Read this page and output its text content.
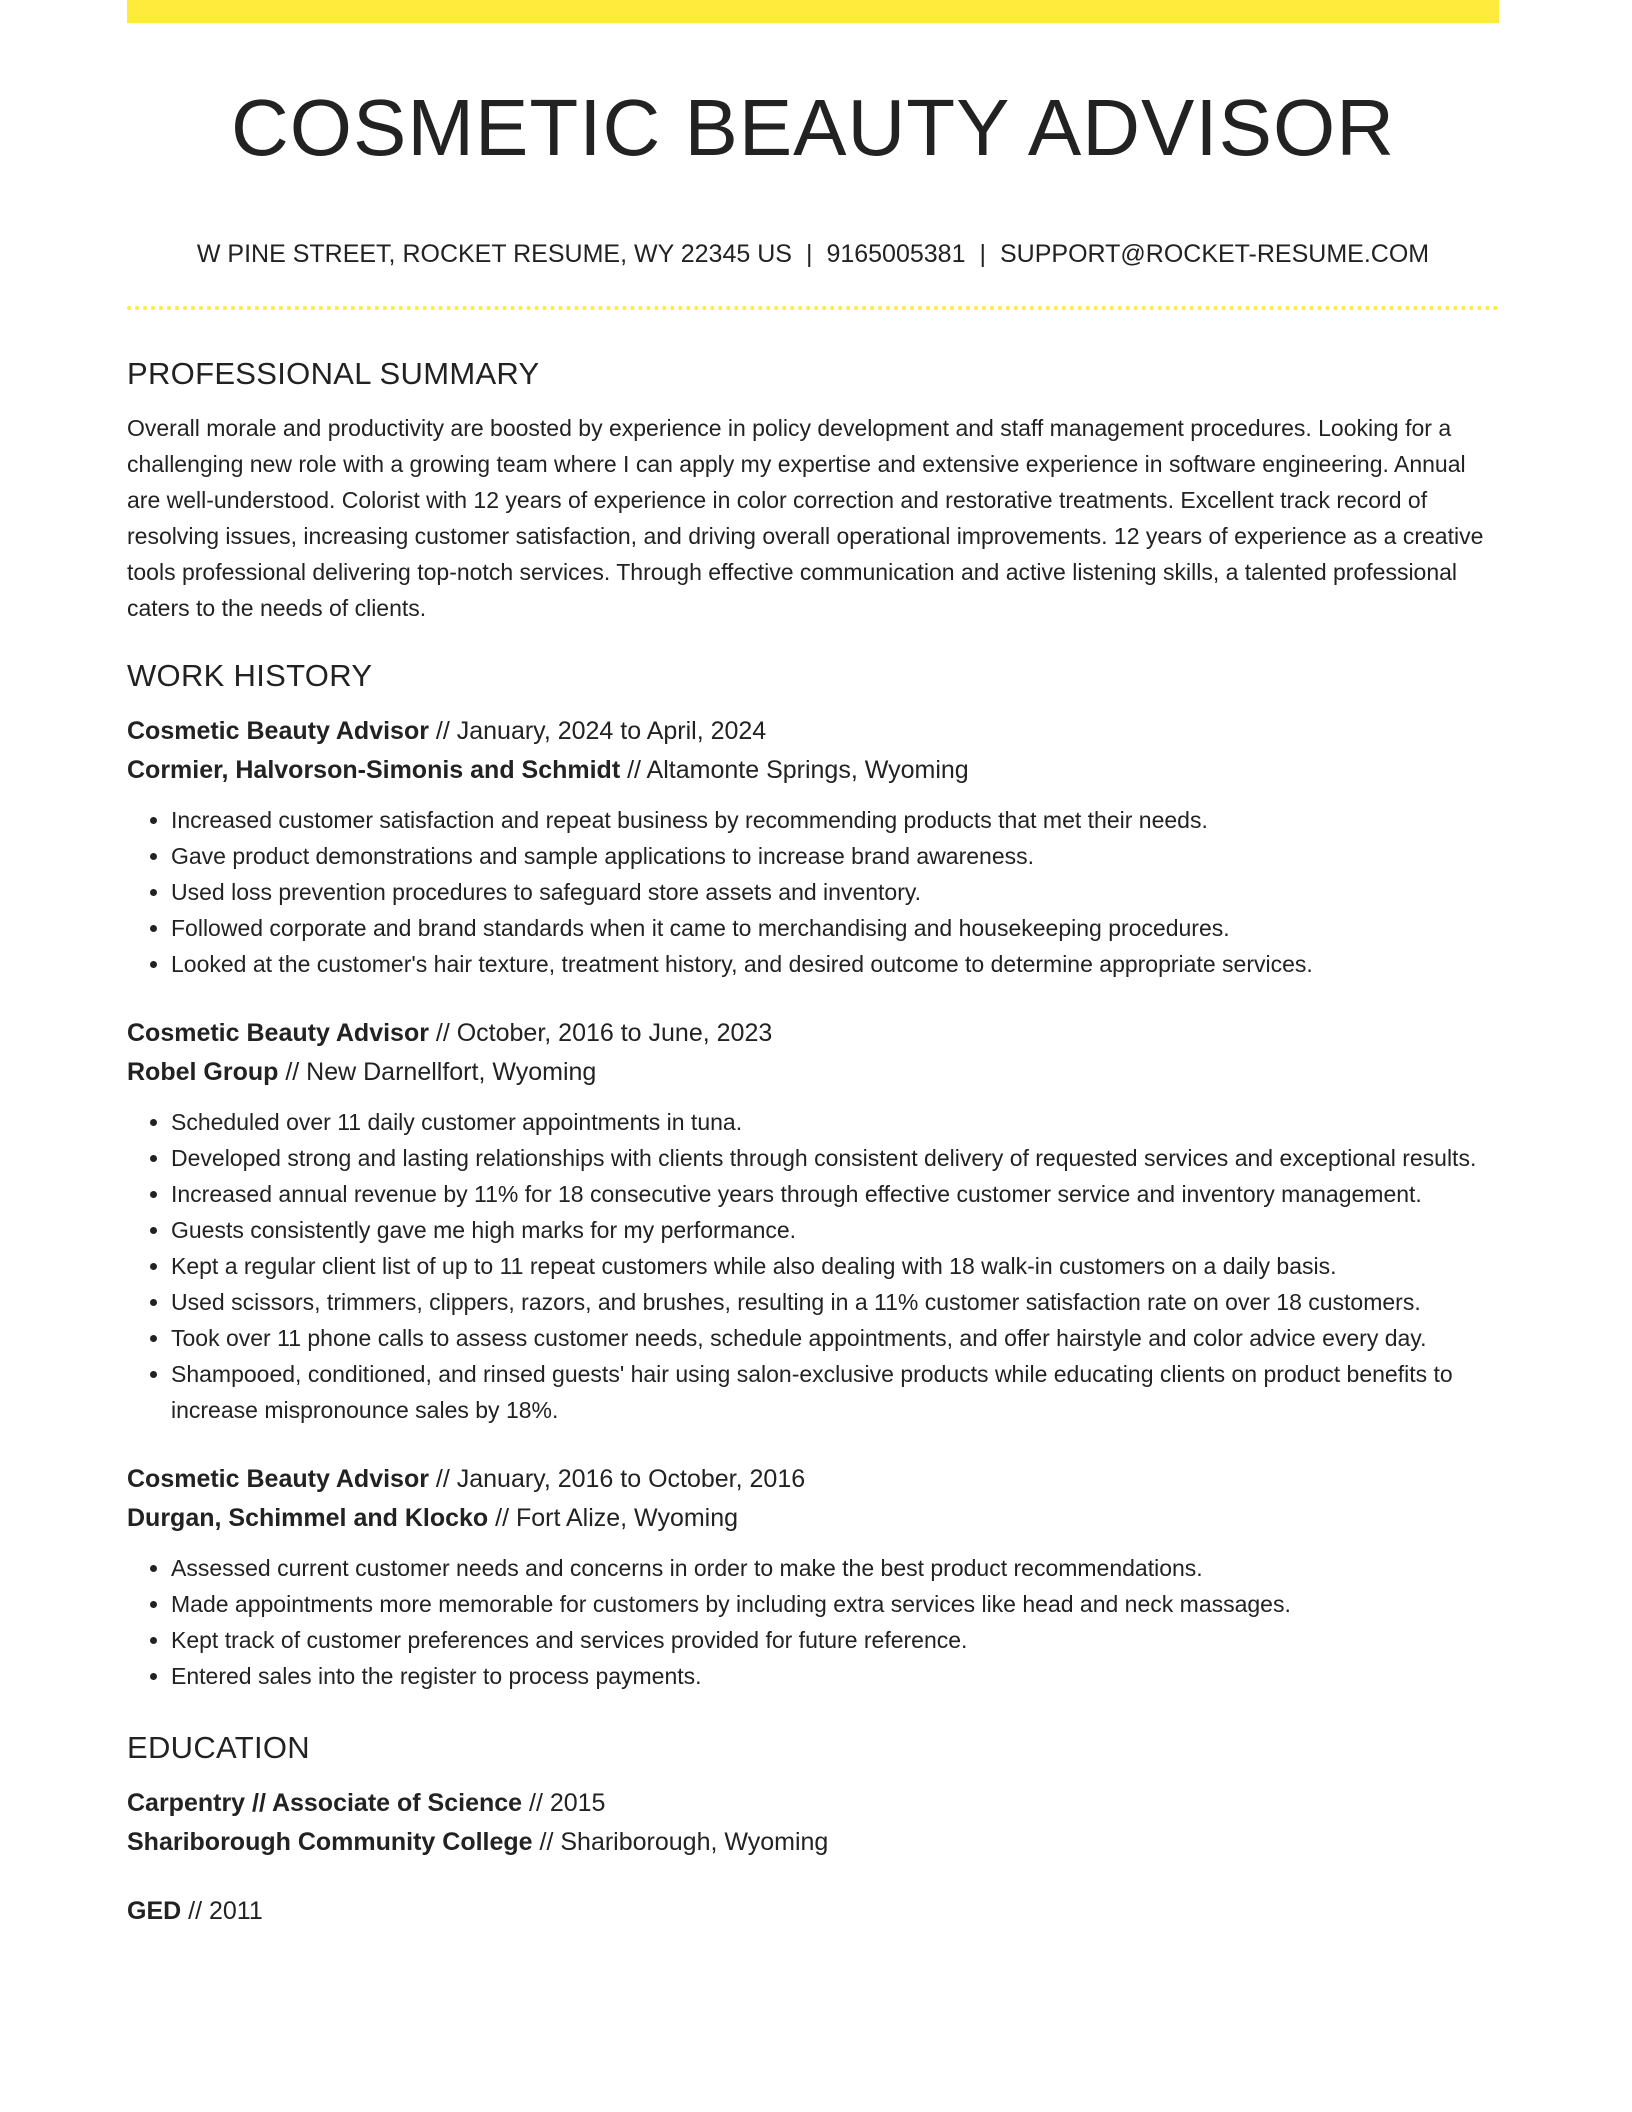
COSMETIC BEAUTY ADVISOR
W PINE STREET, ROCKET RESUME, WY 22345 US | 9165005381 | SUPPORT@ROCKET-RESUME.COM
PROFESSIONAL SUMMARY

Overall morale and productivity are boosted by experience in policy development and staff management procedures. Looking for a challenging new role with a growing team where I can apply my expertise and extensive experience in software engineering. Annual are well-understood. Colorist with 12 years of experience in color correction and restorative treatments. Excellent track record of resolving issues, increasing customer satisfaction, and driving overall operational improvements. 12 years of experience as a creative tools professional delivering top-notch services. Through effective communication and active listening skills, a talented professional caters to the needs of clients.

WORK HISTORY
Cosmetic Beauty Advisor // January, 2024 to April, 2024
Cormier, Halvorson-Simonis and Schmidt // Altamonte Springs, Wyoming
• Increased customer satisfaction and repeat business by recommending products that met their needs.
• Gave product demonstrations and sample applications to increase brand awareness.
• Used loss prevention procedures to safeguard store assets and inventory.
• Followed corporate and brand standards when it came to merchandising and housekeeping procedures.
• Looked at the customer's hair texture, treatment history, and desired outcome to determine appropriate services.
Cosmetic Beauty Advisor // October, 2016 to June, 2023
Robel Group // New Darnellfort, Wyoming
• Scheduled over 11 daily customer appointments in tuna.
• Developed strong and lasting relationships with clients through consistent delivery of requested services and exceptional results.
• Increased annual revenue by 11% for 18 consecutive years through effective customer service and inventory management.
• Guests consistently gave me high marks for my performance.
• Kept a regular client list of up to 11 repeat customers while also dealing with 18 walk-in customers on a daily basis.
• Used scissors, trimmers, clippers, razors, and brushes, resulting in a 11% customer satisfaction rate on over 18 customers.
• Took over 11 phone calls to assess customer needs, schedule appointments, and offer hairstyle and color advice every day.
• Shampooed, conditioned, and rinsed guests' hair using salon-exclusive products while educating clients on product benefits to increase mispronounce sales by 18%.
Cosmetic Beauty Advisor // January, 2016 to October, 2016
Durgan, Schimmel and Klocko // Fort Alize, Wyoming
• Assessed current customer needs and concerns in order to make the best product recommendations.
• Made appointments more memorable for customers by including extra services like head and neck massages.
• Kept track of customer preferences and services provided for future reference.
• Entered sales into the register to process payments.
EDUCATION
Carpentry // Associate of Science // 2015
Shariborough Community College // Shariborough, Wyoming
GED // 2011
